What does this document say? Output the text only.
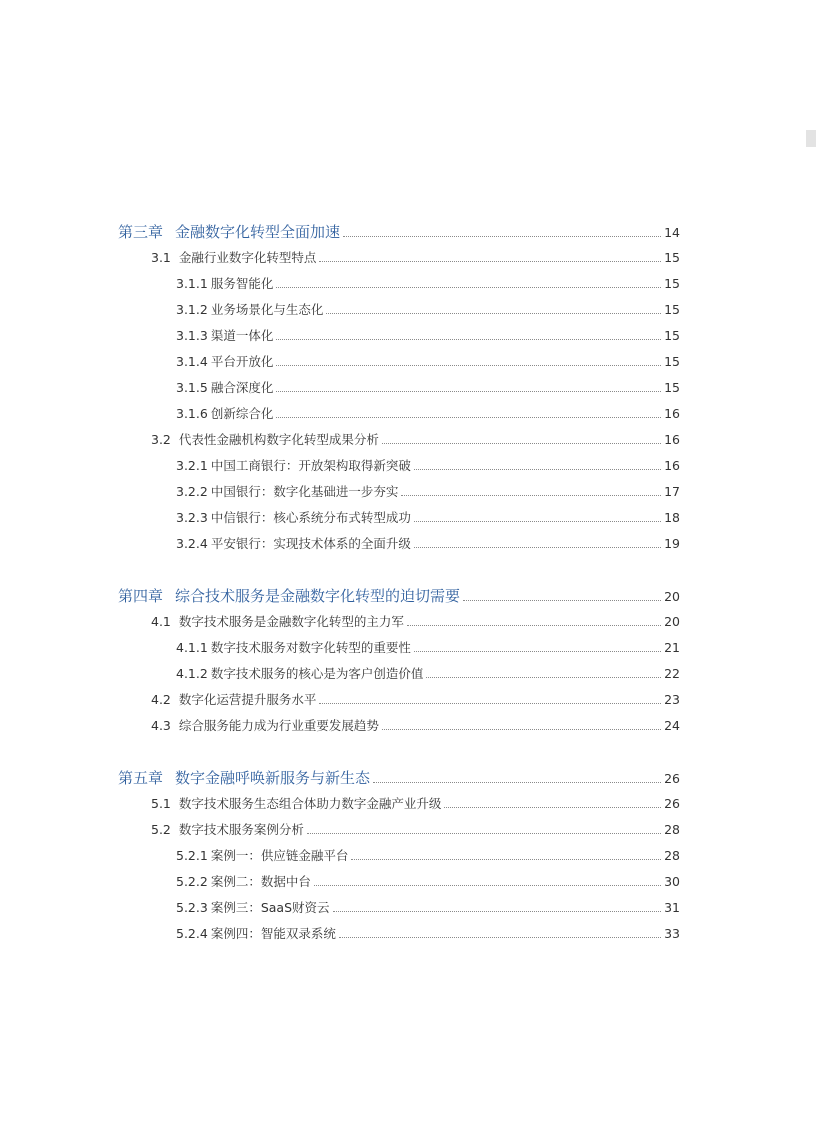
第三章 金融数字化转型全面加速	14
3.1 金融行业数字化转型特点	15
3.1.1 服务智能化	15
3.1.2 业务场景化与生态化	15
3.1.3 渠道一体化	15
3.1.4 平台开放化	15
3.1.5 融合深度化	15
3.1.6 创新综合化	16
3.2 代表性金融机构数字化转型成果分析	16
3.2.1 中国工商银行：开放架构取得新突破	16
3.2.2 中国银行：数字化基础进一步夯实	17
3.2.3 中信银行：核心系统分布式转型成功	18
3.2.4 平安银行：实现技术体系的全面升级	19
第四章 综合技术服务是金融数字化转型的迫切需要	20
4.1 数字技术服务是金融数字化转型的主力军	20
4.1.1 数字技术服务对数字化转型的重要性	21
4.1.2 数字技术服务的核心是为客户创造价值	22
4.2 数字化运营提升服务水平	23
4.3 综合服务能力成为行业重要发展趋势	24
第五章 数字金融呼唤新服务与新生态	26
5.1 数字技术服务生态组合体助力数字金融产业升级	26
5.2 数字技术服务案例分析	28
5.2.1 案例一：供应链金融平台	28
5.2.2 案例二：数据中台	30
5.2.3 案例三：SaaS财资云	31
5.2.4 案例四：智能双录系统	33
